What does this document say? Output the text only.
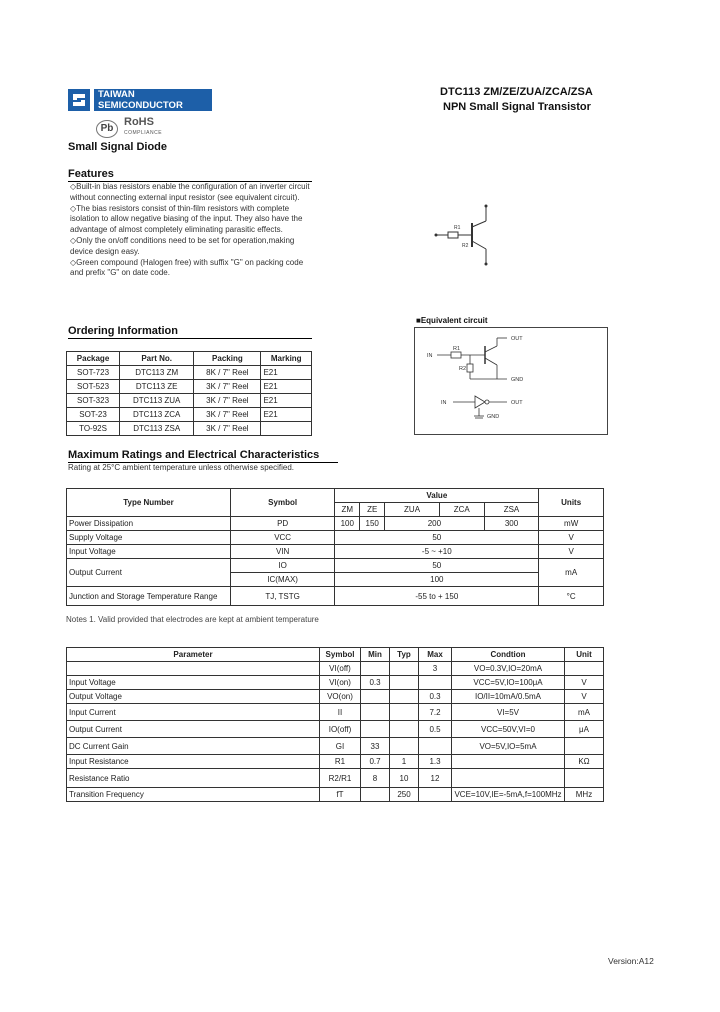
TAIWAN
SEMICONDUCTOR
Pb
RoHS
COMPLIANCE
DTC113 ZM/ZE/ZUA/ZCA/ZSA
NPN Small Signal Transistor
Small Signal Diode
Features

◇Built-in bias resistors enable the configuration of an inverter circuit without connecting external input resistor (see equivalent circuit).

◇The bias resistors consist of thin-film resistors with complete isolation to allow negative biasing of the input. They also have the advantage of almost completely eliminating parasitic effects.

◇Only the on/off conditions need to be set for operation,making device design easy.

◇Green compound (Halogen free) with suffix "G" on packing code and prefix "G" on date code.

R1
R2
■Equivalent circuit
IN
R1
R2
OUT
GND
IN	OUT
GND
Ordering Information
Package	Part No.	Packing	Marking
SOT-723	DTC113 ZM	8K / 7" Reel	E21
SOT-523	DTC113 ZE	3K / 7" Reel	E21
SOT-323	DTC113 ZUA	3K / 7" Reel	E21
SOT-23	DTC113 ZCA	3K / 7" Reel	E21
TO-92S	DTC113 ZSA	3K / 7" Reel	
Maximum Ratings and Electrical Characteristics
Rating at 25°C ambient temperature unless otherwise specified.
Type Number	Symbol	Value					Units
		ZM	ZE	ZUA	ZCA	ZSA	
Power Dissipation	PD	100	150	200		300	mW
Supply Voltage	VCC	50					V
Input Voltage	VIN	-5 ~ +10					V
Output Current	IO	50					mA
	IC(MAX)	100					
Junction and Storage Temperature Range	TJ, TSTG	-55 to + 150					°C
Notes 1. Valid provided that electrodes are kept at ambient temperature
Parameter	Symbol	Min	Typ	Max	Condtion	Unit
	VI(off)			3	VO=0.3V,IO=20mA	
Input Voltage	VI(on)	0.3			VCC=5V,IO=100μA	V
Output Voltage	VO(on)			0.3	IO/II=10mA/0.5mA	V
Input Current	II			7.2	VI=5V	mA
Output Current	IO(off)			0.5	VCC=50V,VI=0	μA
DC Current Gain	GI	33			VO=5V,IO=5mA	
Input Resistance	R1	0.7	1	1.3		KΩ
Resistance Ratio	R2/R1	8	10	12		
Transition Frequency	fT		250		VCE=10V,IE=-5mA,f=100MHz	MHz
Version:A12
